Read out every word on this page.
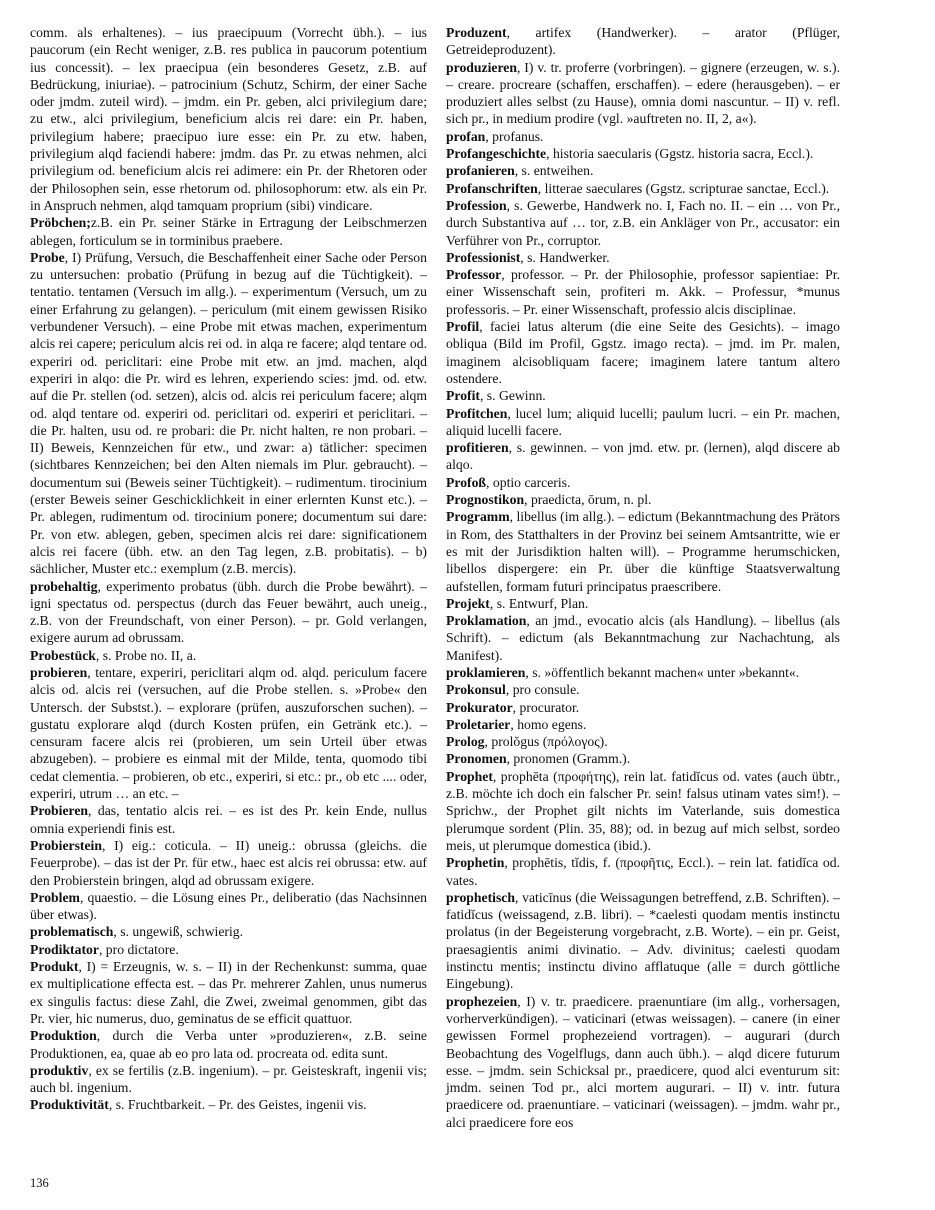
comm. als erhaltenes). – ius praecipuum (Vorrecht übh.). – ius paucorum (ein Recht weniger, z.B. res publica in paucorum potentium ius concessit). – lex praecipua (ein besonderes Gesetz, z.B. auf Bedrückung, iniuriae). – patrocinium (Schutz, Schirm, der einer Sache oder jmdm. zuteil wird). – jmdm. ein Pr. geben, alci privilegium dare; zu etw., alci privilegium, beneficium alcis rei dare: ein Pr. haben, privilegium habere; praecipuo iure esse: ein Pr. zu etw. haben, privilegium alqd faciendi habere: jmdm. das Pr. zu etwas nehmen, alci privilegium od. beneficium alcis rei adimere: ein Pr. der Rhetoren oder der Philosophen sein, esse rhetorum od. philosophorum: etw. als ein Pr. in Anspruch nehmen, alqd tamquam proprium (sibi) vindicare.

Pröbchen;z.B. ein Pr. seiner Stärke in Ertragung der Leibschmerzen ablegen, forticulum se in torminibus praebere.

Probe, I) Prüfung, Versuch, die Beschaffenheit einer Sache oder Person zu untersuchen: probatio (Prüfung in bezug auf die Tüchtigkeit). – tentatio. tentamen (Versuch im allg.). – experimentum (Versuch, um zu einer Erfahrung zu gelangen). – periculum (mit einem gewissen Risiko verbundener Versuch). – eine Probe mit etwas machen, experimentum alcis rei capere; periculum alcis rei od. in alqa re facere; alqd tentare od. experiri od. periclitari: eine Probe mit etw. an jmd. machen, alqd experiri in alqo: die Pr. wird es lehren, experiendo scies: jmd. od. etw. auf die Pr. stellen (od. setzen), alcis od. alcis rei periculum facere; alqm od. alqd tentare od. experiri od. periclitari od. experiri et periclitari. – die Pr. halten, usu od. re probari: die Pr. nicht halten, re non probari. – II) Beweis, Kennzeichen für etw., und zwar: a) tätlicher: specimen (sichtbares Kennzeichen; bei den Alten niemals im Plur. gebraucht). – documentum sui (Beweis seiner Tüchtigkeit). – rudimentum. tirocinium (erster Beweis seiner Geschicklichkeit in einer erlernten Kunst etc.). – Pr. ablegen, rudimentum od. tirocinium ponere; documentum sui dare: Pr. von etw. ablegen, geben, specimen alcis rei dare: significationem alcis rei facere (übh. etw. an den Tag legen, z.B. probitatis). – b) sächlicher, Muster etc.: exemplum (z.B. mercis).

probehaltig, experimento probatus (übh. durch die Probe bewährt). – igni spectatus od. perspectus (durch das Feuer bewährt, auch uneig., z.B. von der Freundschaft, von einer Person). – pr. Gold verlangen, exigere aurum ad obrussam.

Probestück, s. Probe no. II, a.

probieren, tentare, experiri, periclitari alqm od. alqd. periculum facere alcis od. alcis rei (versuchen, auf die Probe stellen. s. »Probe« den Untersch. der Substst.). – explorare (prüfen, auszuforschen suchen). – gustatu explorare alqd (durch Kosten prüfen, ein Getränk etc.). – censuram facere alcis rei (probieren, um sein Urteil über etwas abzugeben). – probiere es einmal mit der Milde, tenta, quomodo tibi cedat clementia. – probieren, ob etc., experiri, si etc.: pr., ob etc .... oder, experiri, utrum … an etc. –

Probieren, das, tentatio alcis rei. – es ist des Pr. kein Ende, nullus omnia experiendi finis est.

Probierstein, I) eig.: coticula. – II) uneig.: obrussa (gleichs. die Feuerprobe). – das ist der Pr. für etw., haec est alcis rei obrussa: etw. auf den Probierstein bringen, alqd ad obrussam exigere.

Problem, quaestio. – die Lösung eines Pr., deliberatio (das Nachsinnen über etwas).

problematisch, s. ungewiß, schwierig.

Prodiktator, pro dictatore.

Produkt, I) = Erzeugnis, w. s. – II) in der Rechenkunst: summa, quae ex multiplicatione effecta est. – das Pr. mehrerer Zahlen, unus numerus ex singulis factus: diese Zahl, die Zwei, zweimal genommen, gibt das Pr. vier, hic numerus, duo, geminatus de se efficit quattuor.

Produktion, durch die Verba unter »produzieren«, z.B. seine Produktionen, ea, quae ab eo pro lata od. procreata od. edita sunt.

produktiv, ex se fertilis (z.B. ingenium). – pr. Geisteskraft, ingenii vis; auch bl. ingenium.

Produktivität, s. Fruchtbarkeit. – Pr. des Geistes, ingenii vis.

Produzent, artifex (Handwerker). – arator (Pflüger, Getreideproduzent).

produzieren, I) v. tr. proferre (vorbringen). – gignere (erzeugen, w. s.). – creare. procreare (schaffen, erschaffen). – edere (herausgeben). – er produziert alles selbst (zu Hause), omnia domi nascuntur. – II) v. refl. sich pr., in medium prodire (vgl. »auftreten no. II, 2, a«).

profan, profanus.

Profangeschichte, historia saecularis (Ggstz. historia sacra, Eccl.).

profanieren, s. entweihen.

Profanschriften, litterae saeculares (Ggstz. scripturae sanctae, Eccl.).

Profession, s. Gewerbe, Handwerk no. I, Fach no. II. – ein … von Pr., durch Substantiva auf … tor, z.B. ein Ankläger von Pr., accusator: ein Verführer von Pr., corruptor.

Professionist, s. Handwerker.

Professor, professor. – Pr. der Philosophie, professor sapientiae: Pr. einer Wissenschaft sein, profiteri m. Akk. – Professur, *munus professoris. – Pr. einer Wissenschaft, professio alcis disciplinae.

Profil, faciei latus alterum (die eine Seite des Gesichts). – imago obliqua (Bild im Profil, Ggstz. imago recta). – jmd. im Pr. malen, imaginem alcisobliquam facere; imaginem latere tantum altero ostendere.

Profit, s. Gewinn.

Profitchen, lucel lum; aliquid lucelli; paulum lucri. – ein Pr. machen, aliquid lucelli facere.

profitieren, s. gewinnen. – von jmd. etw. pr. (lernen), alqd discere ab alqo.

Profoß, optio carceris.

Prognostikon, praedicta, ōrum, n. pl.

Programm, libellus (im allg.). – edictum (Bekanntmachung des Prätors in Rom, des Statthalters in der Provinz bei seinem Amtsantritte, wie er es mit der Jurisdiktion halten will). – Programme herumschicken, libellos dispergere: ein Pr. über die künftige Staatsverwaltung aufstellen, formam futuri principatus praescribere.

Projekt, s. Entwurf, Plan.

Proklamation, an jmd., evocatio alcis (als Handlung). – libellus (als Schrift). – edictum (als Bekanntmachung zur Nachachtung, als Manifest).

proklamieren, s. »öffentlich bekannt machen« unter »bekannt«.

Prokonsul, pro consule.

Prokurator, procurator.

Proletarier, homo egens.

Prolog, prolŏgus (πρόλογος).

Pronomen, pronomen (Gramm.).

Prophet, prophēta (προφήτης), rein lat. fatidĭcus od. vates (auch übtr., z.B. möchte ich doch ein falscher Pr. sein! falsus utinam vates sim!). – Sprichw., der Prophet gilt nichts im Vaterlande, suis domestica plerumque sordent (Plin. 35, 88); od. in bezug auf mich selbst, sordeo meis, ut plerumque domestica (ibid.).

Prophetin, prophētis, tĭdis, f. (προφῆτις, Eccl.). – rein lat. fatidĭca od. vates.

prophetisch, vaticīnus (die Weissagungen betreffend, z.B. Schriften). – fatidĭcus (weissagend, z.B. libri). – *caelesti quodam mentis instinctu prolatus (in der Begeisterung vorgebracht, z.B. Worte). – ein pr. Geist, praesagientis animi divinatio. – Adv. divinitus; caelesti quodam instinctu mentis; instinctu divino afflatuque (alle = durch göttliche Eingebung).

prophezeien, I) v. tr. praedicere. praenuntiare (im allg., vorhersagen, vorherverkündigen). – vaticinari (etwas weissagen). – canere (in einer gewissen Formel prophezeiend vortragen). – augurari (durch Beobachtung des Vogelflugs, dann auch übh.). – alqd dicere futurum esse. – jmdm. sein Schicksal pr., praedicere, quod alci eventurum sit: jmdm. seinen Tod pr., alci mortem augurari. – II) v. intr. futura praedicere od. praenuntiare. – vaticinari (weissagen). – jmdm. wahr pr., alci praedicere fore eos

136
